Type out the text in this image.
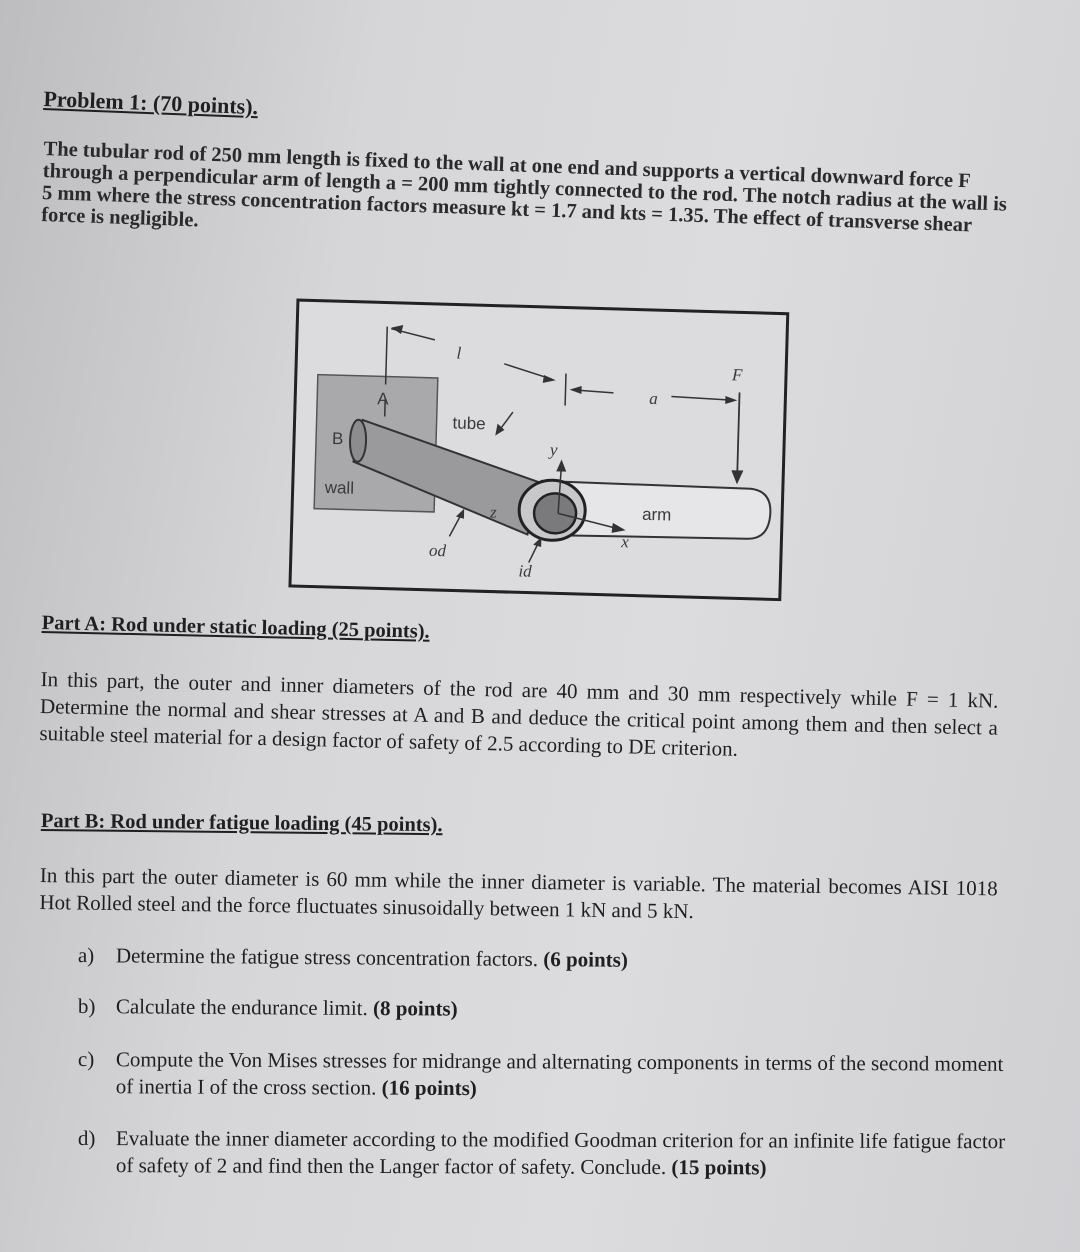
Problem 1: (70 points).
The tubular rod of 250 mm length is fixed to the wall at one end and supports a vertical downward force F through a perpendicular arm of length a = 200 mm tightly connected to the rod. The notch radius at the wall is 5 mm where the stress concentration factors measure kt = 1.7 and kts = 1.35. The effect of transverse shear force is negligible.
l
a
F
A
B
tube
wall
y
z	arm
x
od
id
Part A: Rod under static loading (25 points).
In this part, the outer and inner diameters of the rod are 40 mm and 30 mm respectively while F = 1 kN. Determine the normal and shear stresses at A and B and deduce the critical point among them and then select a suitable steel material for a design factor of safety of 2.5 according to DE criterion.
Part B: Rod under fatigue loading (45 points).
In this part the outer diameter is 60 mm while the inner diameter is variable. The material becomes AISI 1018 Hot Rolled steel and the force fluctuates sinusoidally between 1 kN and 5 kN.
a)	Determine the fatigue stress concentration factors. (6 points)
b) Calculate the endurance limit. (8 points)
c)	Compute the Von Mises stresses for midrange and alternating components in terms of the second moment of inertia I of the cross section. (16 points)
d) Evaluate the inner diameter according to the modified Goodman criterion for an infinite life fatigue factor of safety of 2 and find then the Langer factor of safety. Conclude. (15 points)
